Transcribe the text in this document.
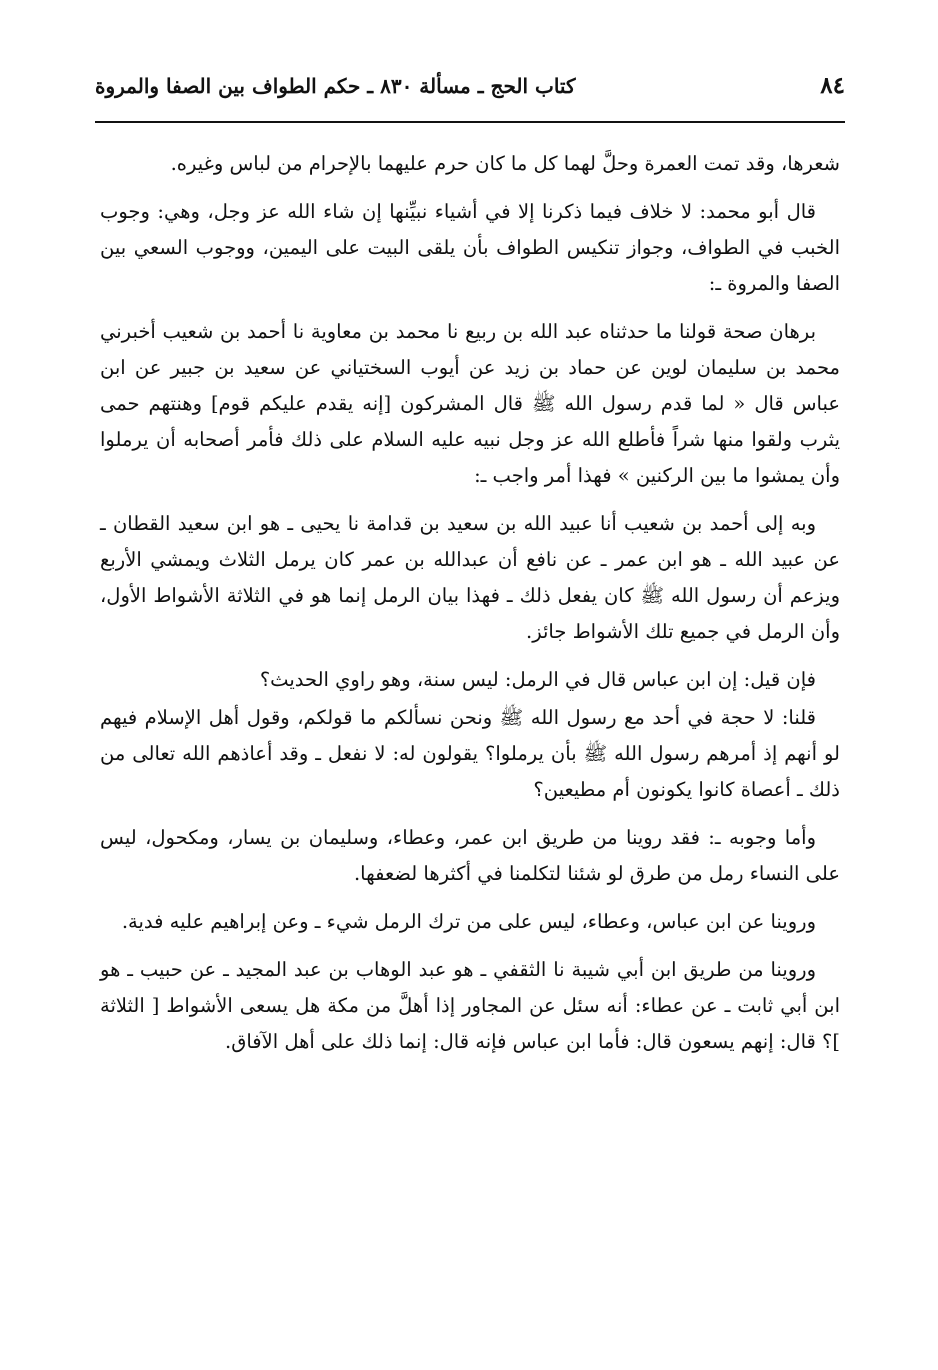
٨٤
كتاب الحج ـ مسألة ٨٣٠ ـ حكم الطواف بين الصفا والمروة

شعرها، وقد تمت العمرة وحلَّ لهما كل ما كان حرم عليهما بالإحرام من لباس وغيره.

قال أبو محمد: لا خلاف فيما ذكرنا إلا في أشياء نبيِّنها إن شاء الله عز وجل، وهي: وجوب الخبب في الطواف، وجواز تنكيس الطواف بأن يلقى البيت على اليمين، ووجوب السعي بين الصفا والمروة ـ:

برهان صحة قولنا ما حدثناه عبد الله بن ربيع نا محمد بن معاوية نا أحمد بن شعيب أخبرني محمد بن سليمان لوين عن حماد بن زيد عن أيوب السختياني عن سعيد بن جبير عن ابن عباس قال « لما قدم رسول الله ﷺ قال المشركون [إنه يقدم عليكم قوم] وهنتهم حمى يثرب ولقوا منها شراً فأطلع الله عز وجل نبيه عليه السلام على ذلك فأمر أصحابه أن يرملوا وأن يمشوا ما بين الركنين » فهذا أمر واجب ـ:

وبه إلى أحمد بن شعيب أنا عبيد الله بن سعيد بن قدامة نا يحيى ـ هو ابن سعيد القطان ـ عن عبيد الله ـ هو ابن عمر ـ عن نافع أن عبدالله بن عمر كان يرمل الثلاث ويمشي الأربع ويزعم أن رسول الله ﷺ كان يفعل ذلك ـ فهذا بيان الرمل إنما هو في الثلاثة الأشواط الأول، وأن الرمل في جميع تلك الأشواط جائز.

فإن قيل: إن ابن عباس قال في الرمل: ليس سنة، وهو راوي الحديث؟

قلنا: لا حجة في أحد مع رسول الله ﷺ ونحن نسألكم ما قولكم، وقول أهل الإسلام فيهم لو أنهم إذ أمرهم رسول الله ﷺ بأن يرملوا؟ يقولون له: لا نفعل ـ وقد أعاذهم الله تعالى من ذلك ـ أعصاة كانوا يكونون أم مطيعين؟

وأما وجوبه ـ: فقد روينا من طريق ابن عمر، وعطاء، وسليمان بن يسار، ومكحول، ليس على النساء رمل من طرق لو شئنا لتكلمنا في أكثرها لضعفها.

وروينا عن ابن عباس، وعطاء، ليس على من ترك الرمل شيء ـ وعن إبراهيم عليه فدية.

وروينا من طريق ابن أبي شيبة نا الثقفي ـ هو عبد الوهاب بن عبد المجيد ـ عن حبيب ـ هو ابن أبي ثابت ـ عن عطاء: أنه سئل عن المجاور إذا أهلَّ من مكة هل يسعى الأشواط [ الثلاثة ]؟ قال: إنهم يسعون قال: فأما ابن عباس فإنه قال: إنما ذلك على أهل الآفاق.
